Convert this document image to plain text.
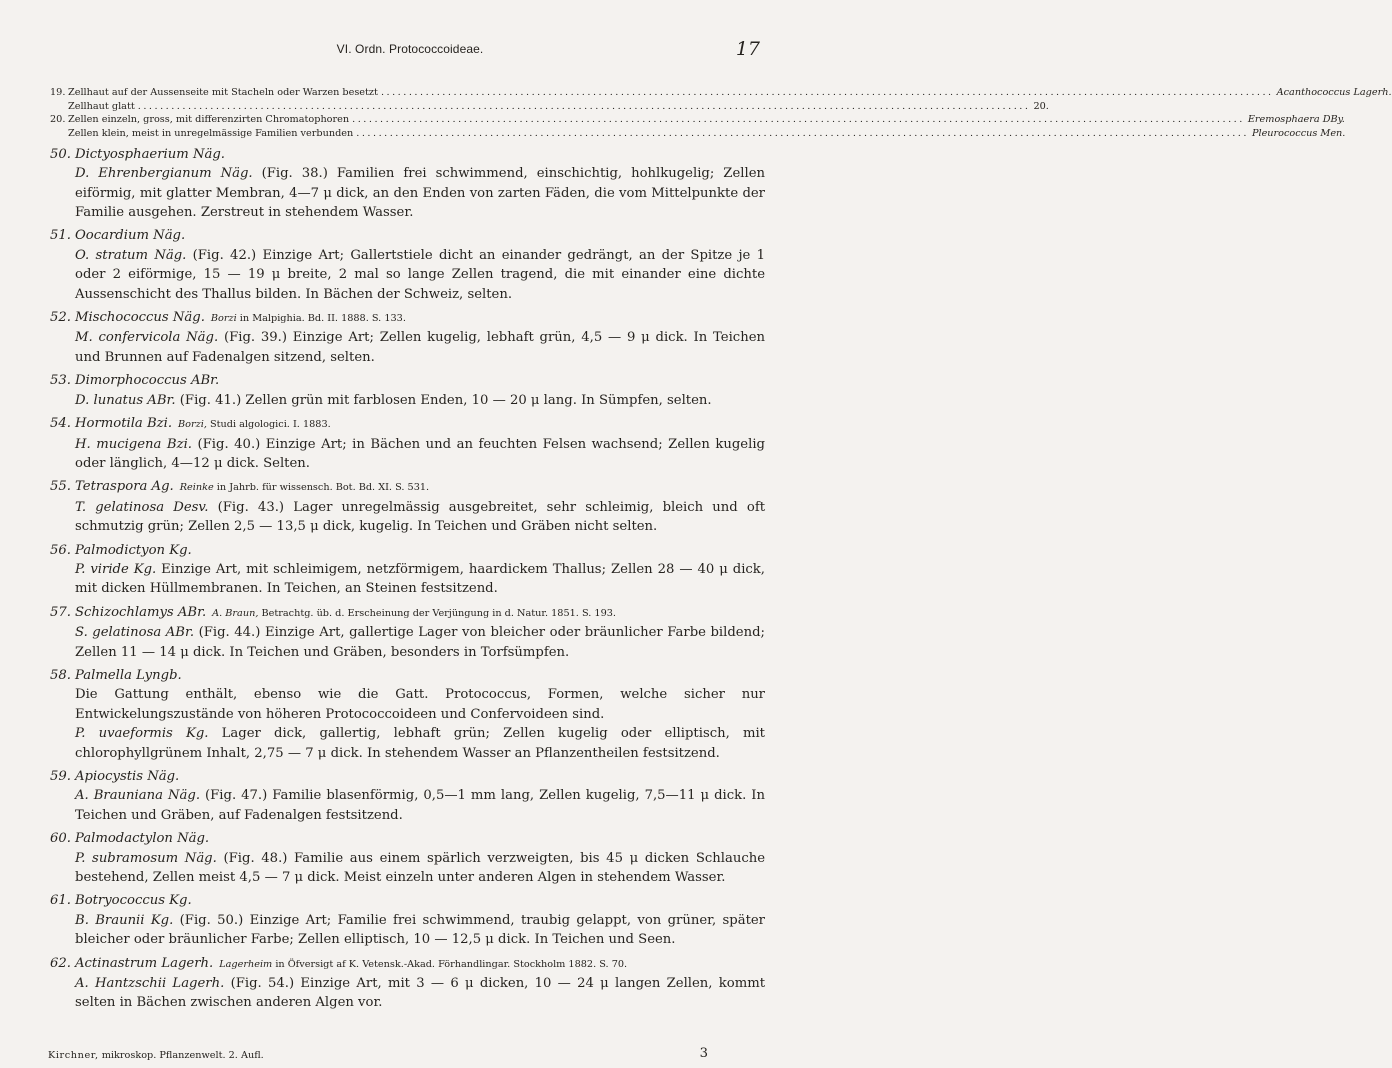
VI. Ordn. Protococcoideae.	17
19. Zellhaut auf der Aussenseite mit Stacheln oder Warzen besetzt ................................................................................................................................................................ Acanthococcus Lagerh.
Zellhaut glatt ................................................................................................................................................................ 20.
20. Zellen einzeln, gross, mit differenzirten Chromatophoren ................................................................................................................................................................ Eremosphaera DBy.
Zellen klein, meist in unregelmässige Familien verbunden ................................................................................................................................................................ Pleurococcus Men.
50. Dictyosphaerium Näg.
D. Ehrenbergianum Näg. (Fig. 38.) Familien frei schwimmend, einschichtig, hohlkugelig; Zellen eiförmig, mit glatter Membran, 4—7 μ dick, an den Enden von zarten Fäden, die vom Mittelpunkte der Familie ausgehen. Zerstreut in stehendem Wasser.
51. Oocardium Näg.
O. stratum Näg. (Fig. 42.) Einzige Art; Gallertstiele dicht an einander gedrängt, an der Spitze je 1 oder 2 eiförmige, 15 — 19 μ breite, 2 mal so lange Zellen tragend, die mit einander eine dichte Aussenschicht des Thallus bilden. In Bächen der Schweiz, selten.
52. Mischococcus Näg. Borzi in Malpighia. Bd. II. 1888. S. 133.
M. confervicola Näg. (Fig. 39.) Einzige Art; Zellen kugelig, lebhaft grün, 4,5 — 9 μ dick. In Teichen und Brunnen auf Fadenalgen sitzend, selten.
53. Dimorphococcus ABr.
D. lunatus ABr. (Fig. 41.) Zellen grün mit farblosen Enden, 10 — 20 μ lang. In Sümpfen, selten.
54. Hormotila Bzi. Borzi, Studi algologici. I. 1883.
H. mucigena Bzi. (Fig. 40.) Einzige Art; in Bächen und an feuchten Felsen wachsend; Zellen kugelig oder länglich, 4—12 μ dick. Selten.
55. Tetraspora Ag. Reinke in Jahrb. für wissensch. Bot. Bd. XI. S. 531.
T. gelatinosa Desv. (Fig. 43.) Lager unregelmässig ausgebreitet, sehr schleimig, bleich und oft schmutzig grün; Zellen 2,5 — 13,5 μ dick, kugelig. In Teichen und Gräben nicht selten.
56. Palmodictyon Kg.
P. viride Kg. Einzige Art, mit schleimigem, netzförmigem, haardickem Thallus; Zellen 28 — 40 μ dick, mit dicken Hüllmembranen. In Teichen, an Steinen festsitzend.
57. Schizochlamys ABr. A. Braun, Betrachtg. üb. d. Erscheinung der Verjüngung in d. Natur. 1851. S. 193.
S. gelatinosa ABr. (Fig. 44.) Einzige Art, gallertige Lager von bleicher oder bräunlicher Farbe bildend; Zellen 11 — 14 μ dick. In Teichen und Gräben, besonders in Torfsümpfen.
58. Palmella Lyngb.
Die Gattung enthält, ebenso wie die Gatt. Protococcus, Formen, welche sicher nur Entwickelungszustände von höheren Protococcoideen und Confervoideen sind.
P. uvaeformis Kg. Lager dick, gallertig, lebhaft grün; Zellen kugelig oder elliptisch, mit chlorophyllgrünem Inhalt, 2,75 — 7 μ dick. In stehendem Wasser an Pflanzentheilen festsitzend.
59. Apiocystis Näg.
A. Brauniana Näg. (Fig. 47.) Familie blasenförmig, 0,5—1 mm lang, Zellen kugelig, 7,5—11 μ dick. In Teichen und Gräben, auf Fadenalgen festsitzend.
60. Palmodactylon Näg.
P. subramosum Näg. (Fig. 48.) Familie aus einem spärlich verzweigten, bis 45 μ dicken Schlauche bestehend, Zellen meist 4,5 — 7 μ dick. Meist einzeln unter anderen Algen in stehendem Wasser.
61. Botryococcus Kg.
B. Braunii Kg. (Fig. 50.) Einzige Art; Familie frei schwimmend, traubig gelappt, von grüner, später bleicher oder bräunlicher Farbe; Zellen elliptisch, 10 — 12,5 μ dick. In Teichen und Seen.
62. Actinastrum Lagerh. Lagerheim in Öfversigt af K. Vetensk.-Akad. Förhandlingar. Stockholm 1882. S. 70.
A. Hantzschii Lagerh. (Fig. 54.) Einzige Art, mit 3 — 6 μ dicken, 10 — 24 μ langen Zellen, kommt selten in Bächen zwischen anderen Algen vor.
Kirchner, mikroskop. Pflanzenwelt. 2. Aufl.	3
